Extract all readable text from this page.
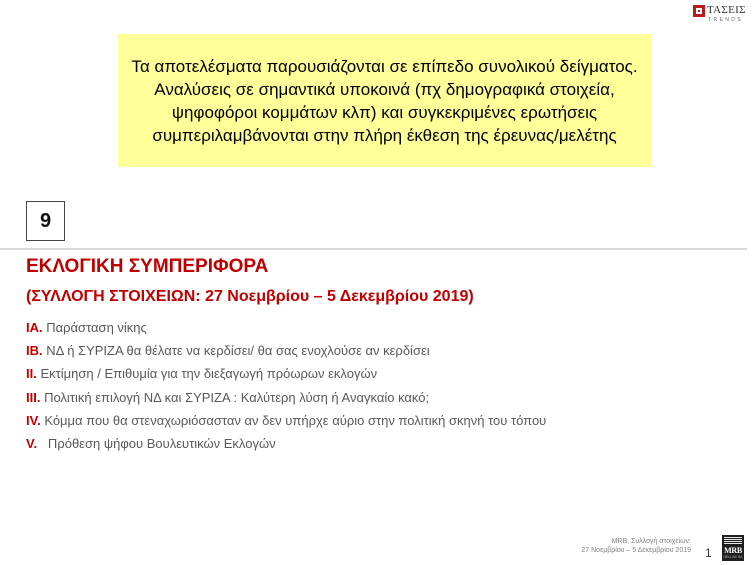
ΤΑΣΕΙΣ
TRENDS

Τα αποτελέσματα παρουσιάζονται σε επίπεδο συνολικού δείγματος. Αναλύσεις σε σημαντικά υποκοινά (πχ δημογραφικά στοιχεία, ψηφοφόροι κομμάτων κλπ) και συγκεκριμένες ερωτήσεις συμπεριλαμβάνονται στην πλήρη έκθεση της έρευνας/μελέτης

9
ΕΚΛΟΓΙΚΗ ΣΥΜΠΕΡΙΦΟΡΑ
(ΣΥΛΛΟΓΗ ΣΤΟΙΧΕΙΩΝ: 27 Νοεμβρίου – 5 Δεκεμβρίου 2019)
ΙA. Παράσταση νίκης
ΙΒ. ΝΔ ή ΣΥΡΙΖΑ θα θέλατε να κερδίσει/ θα σας ενοχλούσε αν κερδίσει
ΙΙ. Εκτίμηση / Επιθυμία για την διεξαγωγή πρόωρων εκλογών
ΙΙΙ. Πολιτική επιλογή ΝΔ και ΣΥΡΙΖΑ : Καλύτερη λύση ή Αναγκαίο κακό;
ΙV. Κόμμα που θα στεναχωριόσασταν αν δεν υπήρχε αύριο στην πολιτική σκηνή του τόπου
V.   Πρόθεση ψήφου Βουλευτικών Εκλογών
MRB, Συλλογή στοιχείων:
27 Νοεμβρίου – 5 Δεκεμβρίου 2019 1 MRB
HELLAS SA
